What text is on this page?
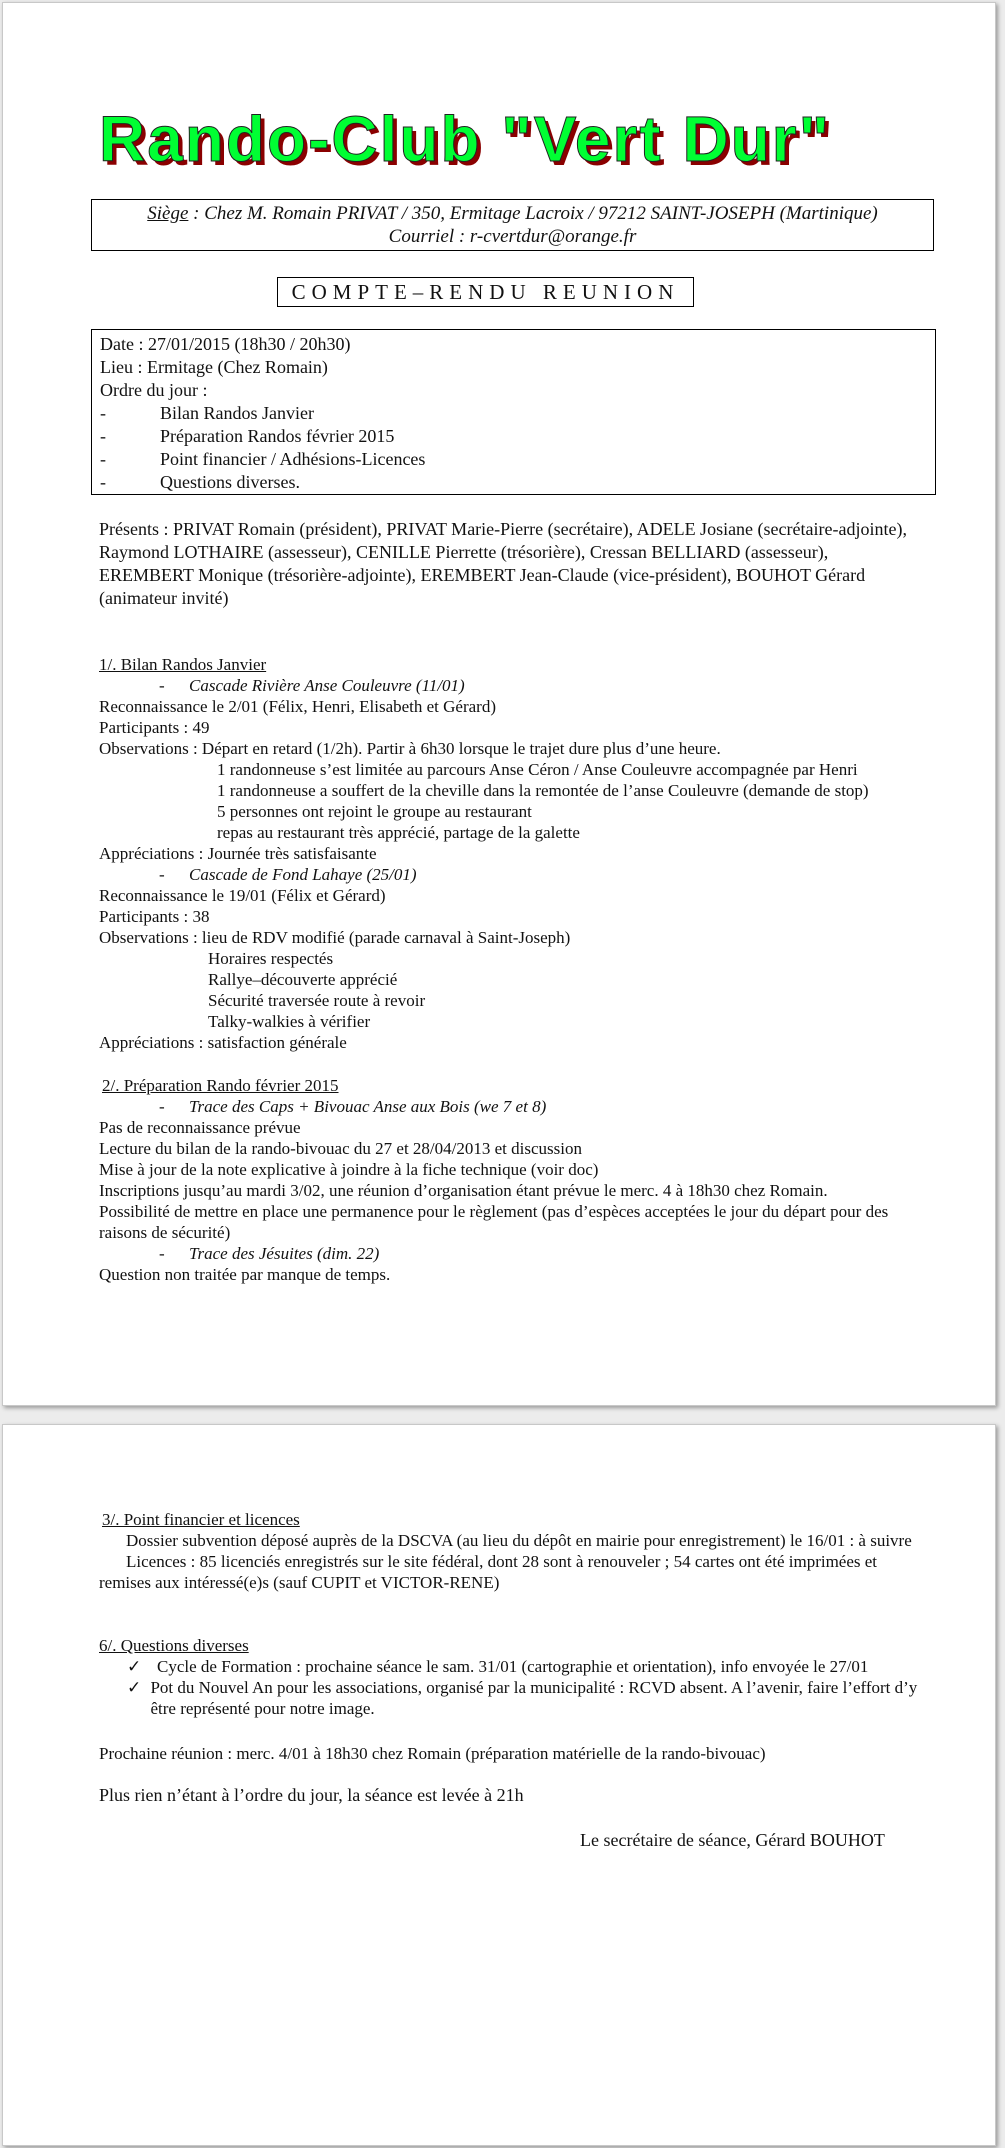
Rando-Club "Vert Dur"
Siège : Chez M. Romain PRIVAT / 350, Ermitage Lacroix / 97212 SAINT-JOSEPH (Martinique)
Courriel : r-cvertdur@orange.fr
COMPTE–RENDU REUNION
Date : 27/01/2015 (18h30 / 20h30)
Lieu : Ermitage (Chez Romain)
Ordre du jour :
-	Bilan Randos Janvier
-	Préparation Randos février 2015
-	Point financier / Adhésions-Licences
-	Questions diverses.

Présents : PRIVAT Romain (président), PRIVAT Marie-Pierre (secrétaire), ADELE Josiane (secrétaire-adjointe), Raymond LOTHAIRE (assesseur), CENILLE Pierrette (trésorière), Cressan BELLIARD (assesseur), EREMBERT Monique (trésorière-adjointe), EREMBERT Jean-Claude (vice-président), BOUHOT Gérard (animateur invité)

1/. Bilan Randos Janvier
-	Cascade Rivière Anse Couleuvre (11/01)
Reconnaissance le 2/01 (Félix, Henri, Elisabeth et Gérard)
Participants : 49
Observations : Départ en retard (1/2h). Partir à 6h30 lorsque le trajet dure plus d’une heure.
1 randonneuse s’est limitée au parcours Anse Céron / Anse Couleuvre accompagnée par Henri
1 randonneuse a souffert de la cheville dans la remontée de l’anse Couleuvre (demande de stop)
5 personnes ont rejoint le groupe au restaurant
repas au restaurant très apprécié, partage de la galette
Appréciations : Journée très satisfaisante
-	Cascade de Fond Lahaye (25/01)
Reconnaissance le 19/01 (Félix et Gérard)
Participants : 38
Observations : lieu de RDV modifié (parade carnaval à Saint-Joseph)
Horaires respectés
Rallye–découverte apprécié
Sécurité traversée route à revoir
Talky-walkies à vérifier
Appréciations : satisfaction générale
2/. Préparation Rando février 2015
-	Trace des Caps + Bivouac Anse aux Bois (we 7 et 8)
Pas de reconnaissance prévue
Lecture du bilan de la rando-bivouac du 27 et 28/04/2013 et discussion
Mise à jour de la note explicative à joindre à la fiche technique (voir doc)
Inscriptions jusqu’au mardi 3/02, une réunion d’organisation étant prévue le merc. 4 à 18h30 chez Romain.
Possibilité de mettre en place une permanence pour le règlement (pas d’espèces acceptées le jour du départ pour des raisons de sécurité)
-	Trace des Jésuites (dim. 22)
Question non traitée par manque de temps.
3/. Point financier et licences
Dossier subvention déposé auprès de la DSCVA (au lieu du dépôt en mairie pour enregistrement) le 16/01 : à suivre
Licences : 85 licenciés enregistrés sur le site fédéral, dont 28 sont à renouveler ; 54 cartes ont été imprimées et remises aux intéressé(e)s (sauf CUPIT et VICTOR-RENE)
6/. Questions diverses
✓ Cycle de Formation : prochaine séance le sam. 31/01 (cartographie et orientation), info envoyée le 27/01
✓ Pot du Nouvel An pour les associations, organisé par la municipalité : RCVD absent. A l’avenir, faire l’effort d’y être représenté pour notre image.
Prochaine réunion : merc. 4/01 à 18h30 chez Romain (préparation matérielle de la rando-bivouac)
Plus rien n’étant à l’ordre du jour, la séance est levée à 21h
Le secrétaire de séance, Gérard BOUHOT
